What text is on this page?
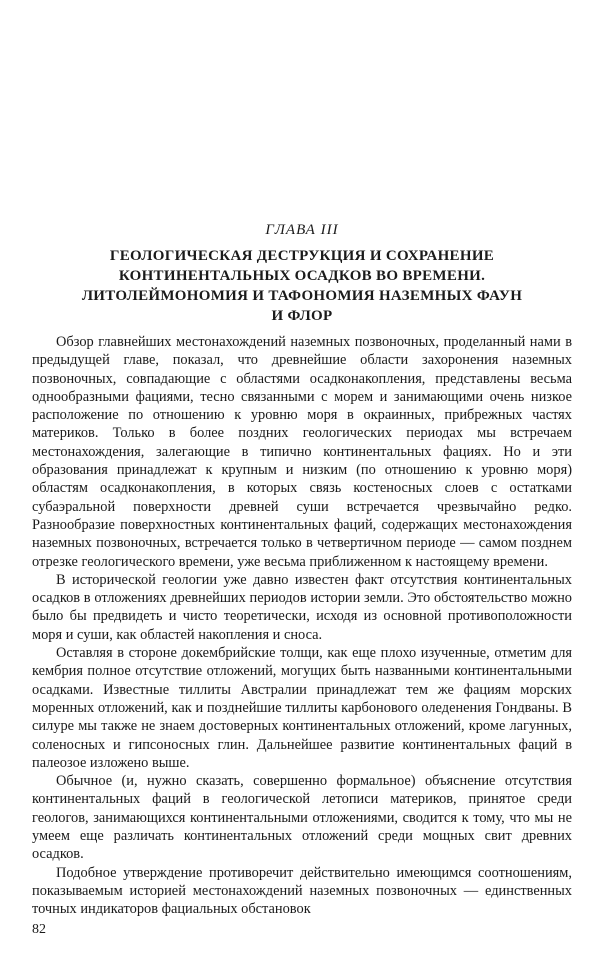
ГЛАВА III
ГЕОЛОГИЧЕСКАЯ ДЕСТРУКЦИЯ И СОХРАНЕНИЕ
КОНТИНЕНТАЛЬНЫХ ОСАДКОВ ВО ВРЕМЕНИ.
ЛИТОЛЕЙМОНОМИЯ И ТАФОНОМИЯ НАЗЕМНЫХ ФАУН
И ФЛОР

Обзор главнейших местонахождений наземных позвоночных, проделанный нами в предыдущей главе, показал, что древнейшие области захоронения наземных позвоночных, совпадающие с областями осадконакопления, представлены весьма однообразными фациями, тесно связанными с морем и занимающими очень низкое расположение по отношению к уровню моря в окраинных, прибрежных частях материков. Только в более поздних геологических периодах мы встречаем местонахождения, залегающие в типично континентальных фациях. Но и эти образования принадлежат к крупным и низким (по отношению к уровню моря) областям осадконакопления, в которых связь костеносных слоев с остатками субаэральной поверхности древней суши встречается чрезвычайно редко. Разнообразие поверхностных континентальных фаций, содержащих местонахождения наземных позвоночных, встречается только в четвертичном периоде — самом позднем отрезке геологического времени, уже весьма приближенном к настоящему времени.

В исторической геологии уже давно известен факт отсутствия континентальных осадков в отложениях древнейших периодов истории земли. Это обстоятельство можно было бы предвидеть и чисто теоретически, исходя из основной противоположности моря и суши, как областей накопления и сноса.

Оставляя в стороне докембрийские толщи, как еще плохо изученные, отметим для кембрия полное отсутствие отложений, могущих быть названными континентальными осадками. Известные тиллиты Австралии принадлежат тем же фациям морских моренных отложений, как и позднейшие тиллиты карбонового оледенения Гондваны. В силуре мы также не знаем достоверных континентальных отложений, кроме лагунных, соленосных и гипсоносных глин. Дальнейшее развитие континентальных фаций в палеозое изложено выше.

Обычное (и, нужно сказать, совершенно формальное) объяснение отсутствия континентальных фаций в геологической летописи материков, принятое среди геологов, занимающихся континентальными отложениями, сводится к тому, что мы не умеем еще различать континентальных отложений среди мощных свит древних осадков.

Подобное утверждение противоречит действительно имеющимся соотношениям, показываемым историей местонахождений наземных позвоночных — единственных точных индикаторов фациальных обстановок

82
